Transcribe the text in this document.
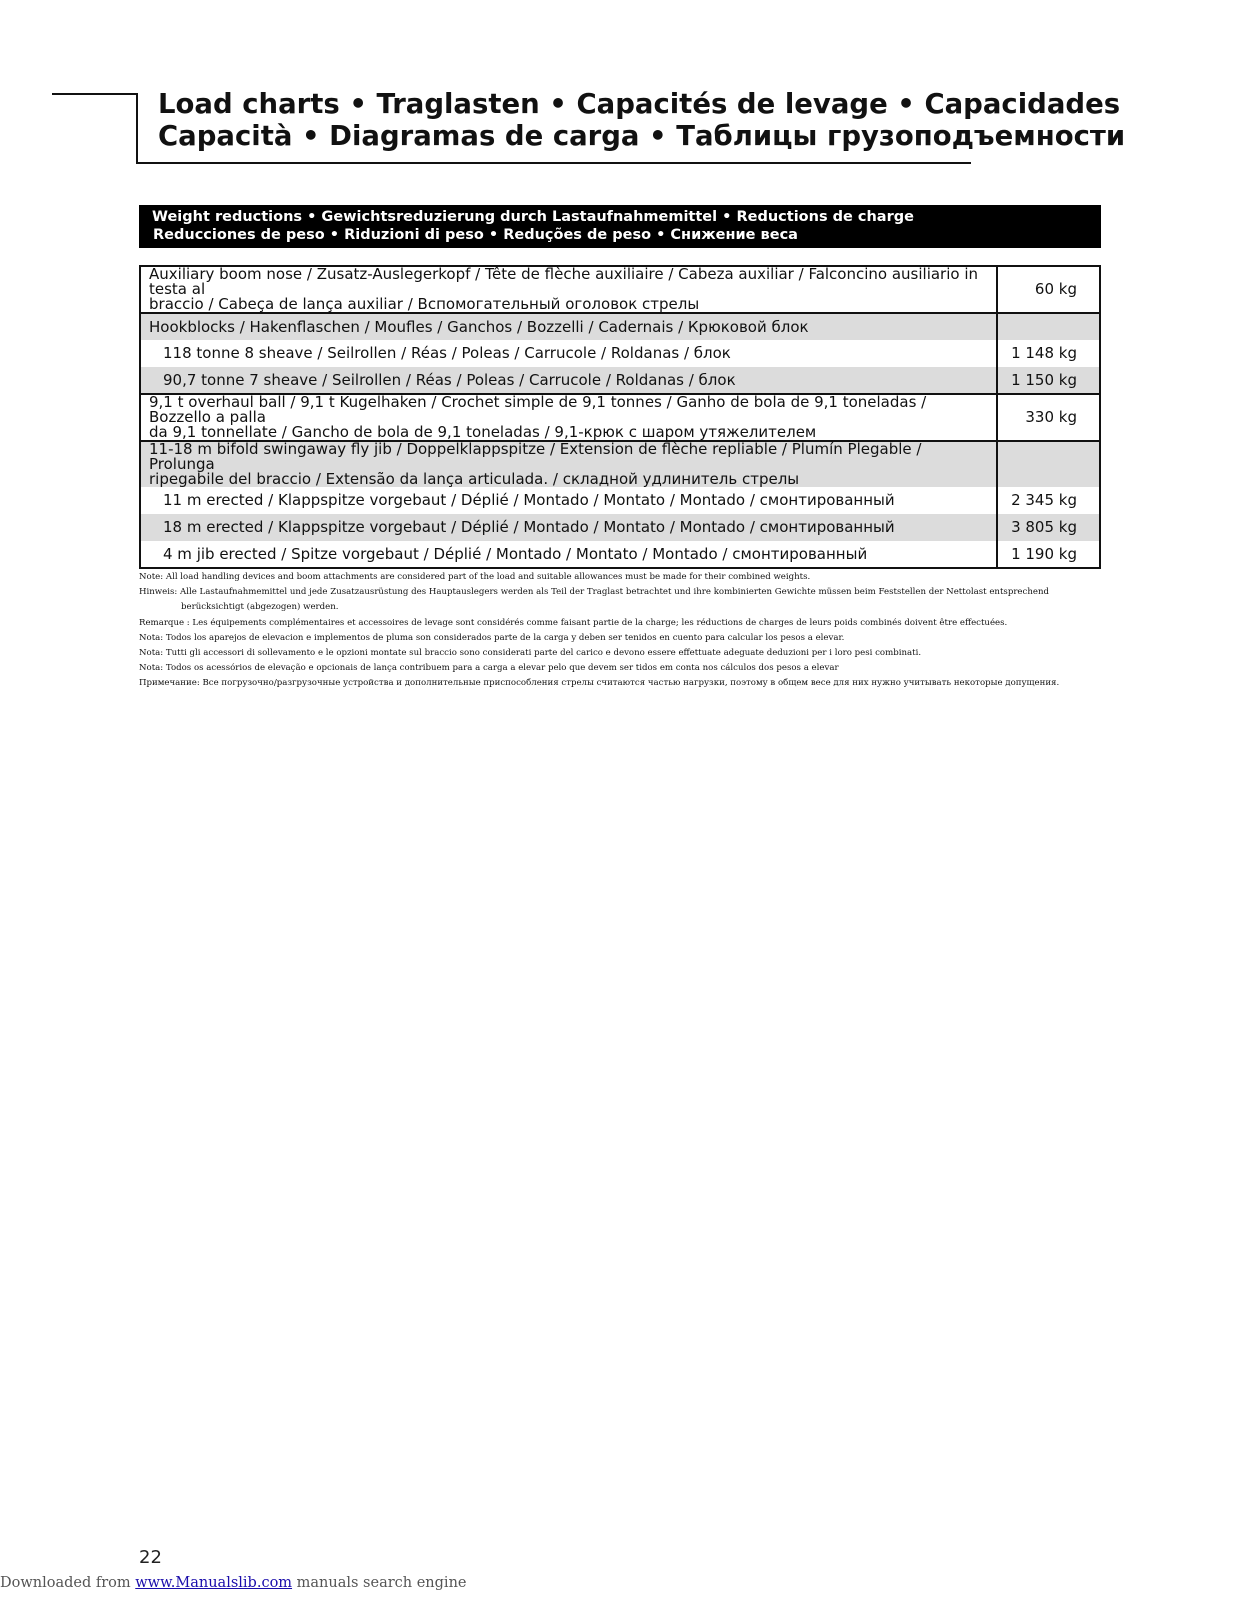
Load charts • Traglasten • Capacités de levage • Capacidades
Capacità • Diagramas de carga • Таблицы грузоподъемности
Weight reductions • Gewichtsreduzierung durch Lastaufnahmemittel • Reductions de charge
Reducciones de peso • Riduzioni di peso • Reduções de peso • Снижение веса
Auxiliary boom nose / Zusatz-Auslegerkopf / Tête de flèche auxiliaire / Cabeza auxiliar / Falconcino ausiliario in testa al
braccio / Cabeça de lança auxiliar / Вспомогательный оголовок стрелы	60 kg
Hookblocks / Hakenflaschen / Moufles / Ganchos / Bozzelli / Cadernais / Крюковой блок	
118 tonne 8 sheave / Seilrollen / Réas / Poleas / Carrucole / Roldanas / блок	1 148 kg
90,7 tonne 7 sheave / Seilrollen / Réas / Poleas / Carrucole / Roldanas / блок	1 150 kg

9,1 t overhaul ball / 9,1 t Kugelhaken / Crochet simple de 9,1 tonnes / Ganho de bola de 9,1 toneladas / Bozzello a palla
da 9,1 tonnellate / Gancho de bola de 9,1 toneladas / 9,1-крюк с шаром утяжелителем	330 kg

11-18 m bifold swingaway fly jib / Doppelklappspitze / Extension de flèche repliable / Plumín Plegable / Prolunga
ripegabile del braccio / Extensão da lança articulada. / складной удлинитель стрелы	

11 m erected / Klappspitze vorgebaut / Déplié / Montado / Montato / Montado / смонтированный	2 345 kg
18 m erected / Klappspitze vorgebaut / Déplié / Montado / Montato / Montado / смонтированный	3 805 kg
4 m jib erected / Spitze vorgebaut / Déplié / Montado / Montato / Montado / смонтированный	1 190 kg

Note: All load handling devices and boom attachments are considered part of the load and suitable allowances must be made for their combined weights.

Hinweis: Alle Lastaufnahmemittel und jede Zusatzausrüstung des Hauptauslegers werden als Teil der Traglast betrachtet und ihre kombinierten Gewichte müssen beim Feststellen der Nettolast entsprechend

berücksichtigt (abgezogen) werden.

Remarque : Les équipements complémentaires et accessoires de levage sont considérés comme faisant partie de la charge; les réductions de charges de leurs poids combinés doivent être effectuées.

Nota: Todos los aparejos de elevacion e implementos de pluma son considerados parte de la carga y deben ser tenidos en cuento para calcular los pesos a elevar.

Nota: Tutti gli accessori di sollevamento e le opzioni montate sul braccio sono considerati parte del carico e devono essere effettuate adeguate deduzioni per i loro pesi combinati.

Nota: Todos os acessórios de elevação e opcionais de lança contribuem para a carga a elevar pelo que devem ser tidos em conta nos cálculos dos pesos a elevar

Примечание: Все погрузочно/разгрузочные устройства и дополнительные приспособления стрелы считаются частью нагрузки, поэтому в общем весе для них нужно учитывать некоторые допущения.

22
Downloaded from www.Manualslib.com manuals search engine
